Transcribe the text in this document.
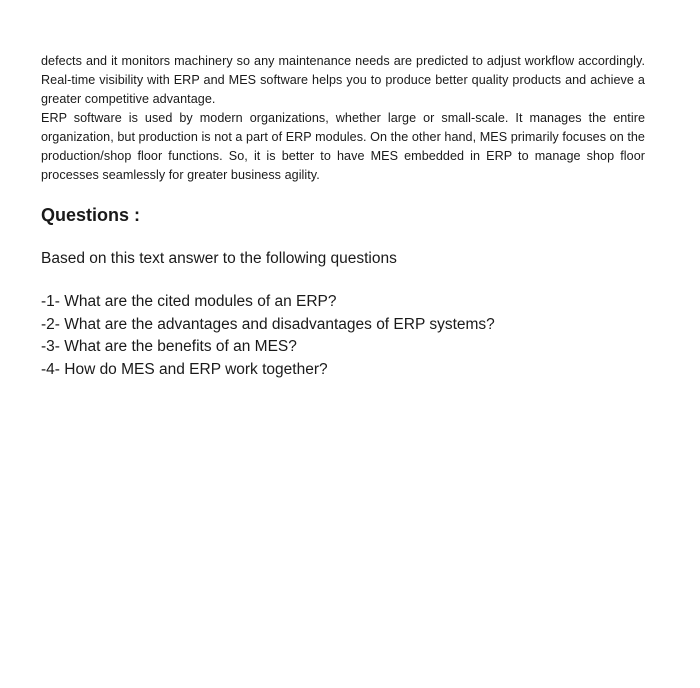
defects and it monitors machinery so any maintenance needs are predicted to adjust workflow accordingly. Real-time visibility with ERP and MES software helps you to produce better quality products and achieve a greater competitive advantage.

ERP software is used by modern organizations, whether large or small-scale. It manages the entire organization, but production is not a part of ERP modules. On the other hand, MES primarily focuses on the production/shop floor functions. So, it is better to have MES embedded in ERP to manage shop floor processes seamlessly for greater business agility.

Questions :

Based on this text answer to the following questions

-1- What are the cited modules of an ERP?
-2- What are the advantages and disadvantages of ERP systems?
-3- What are the benefits of an MES?
-4- How do MES and ERP work together?
